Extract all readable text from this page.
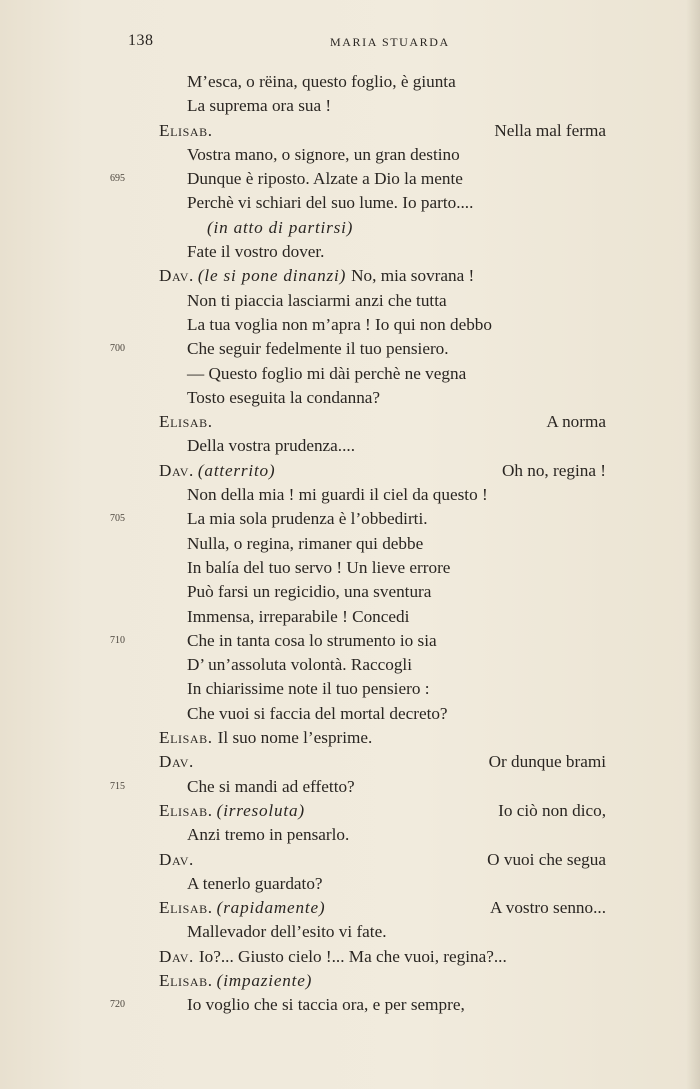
138	MARIA STUARDA
M’esca, o rëina, questo foglio, è giunta
La suprema ora sua !
Elisab.	Nella mal ferma
Vostra mano, o signore, un gran destino
695	Dunque è riposto. Alzate a Dio la mente
Perchè vi schiari del suo lume. Io parto....
(in atto di partirsi)
Fate il vostro dover.
Dav. (le si pone dinanzi) No, mia sovrana !
Non ti piaccia lasciarmi anzi che tutta
La tua voglia non m’apra ! Io qui non debbo
700	Che seguir fedelmente il tuo pensiero.
— Questo foglio mi dài perchè ne vegna
Tosto eseguita la condanna?
Elisab.	A norma
Della vostra prudenza....
Dav. (atterrito)	Oh no, regina !
Non della mia ! mi guardi il ciel da questo !
705	La mia sola prudenza è l’obbedirti.
Nulla, o regina, rimaner qui debbe
In balía del tuo servo ! Un lieve errore
Può farsi un regicidio, una sventura
Immensa, irreparabile ! Concedi
710	Che in tanta cosa lo strumento io sia
D’ un’assoluta volontà. Raccogli
In chiarissime note il tuo pensiero :
Che vuoi si faccia del mortal decreto?
Elisab. Il suo nome l’esprime.
Dav.	Or dunque brami
715	Che si mandi ad effetto?
Elisab. (irresoluta)	Io ciò non dico,
Anzi tremo in pensarlo.
Dav.	O vuoi che segua
A tenerlo guardato?
Elisab. (rapidamente)	A vostro senno...
Mallevador dell’esito vi fate.
Dav. Io?... Giusto cielo !... Ma che vuoi, regina?...
Elisab. (impaziente)
720	Io voglio che si taccia ora, e per sempre,
